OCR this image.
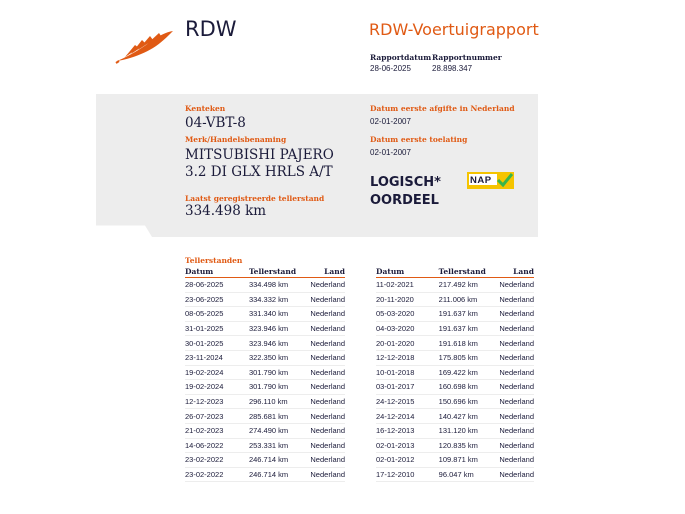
RDW	RDW-Voertuigrapport
Rapportdatum
28-06-2025
Rapportnummer
28.898.347
Kenteken
04-VBT-8
Merk/Handelsbenaming
MITSUBISHI PAJERO
3.2 DI GLX HRLS A/T
Laatst geregistreerde tellerstand
334.498 km
Datum eerste afgifte in Nederland
02-01-2007
Datum eerste toelating
02-01-2007
LOGISCH*
OORDEEL
NAP
Tellerstanden
Datum	Tellerstand	Land
28-06-2025	334.498 km	Nederland
23-06-2025	334.332 km	Nederland
08-05-2025	331.340 km	Nederland
31-01-2025	323.946 km	Nederland
30-01-2025	323.946 km	Nederland
23-11-2024	322.350 km	Nederland
19-02-2024	301.790 km	Nederland
19-02-2024	301.790 km	Nederland
12-12-2023	296.110 km	Nederland
26-07-2023	285.681 km	Nederland
21-02-2023	274.490 km	Nederland
14-06-2022	253.331 km	Nederland
23-02-2022	246.714 km	Nederland
23-02-2022	246.714 km	Nederland
Datum	Tellerstand	Land
11-02-2021	217.492 km	Nederland
20-11-2020	211.006 km	Nederland
05-03-2020	191.637 km	Nederland
04-03-2020	191.637 km	Nederland
20-01-2020	191.618 km	Nederland
12-12-2018	175.805 km	Nederland
10-01-2018	169.422 km	Nederland
03-01-2017	160.698 km	Nederland
24-12-2015	150.696 km	Nederland
24-12-2014	140.427 km	Nederland
16-12-2013	131.120 km	Nederland
02-01-2013	120.835 km	Nederland
02-01-2012	109.871 km	Nederland
17-12-2010	96.047 km	Nederland
